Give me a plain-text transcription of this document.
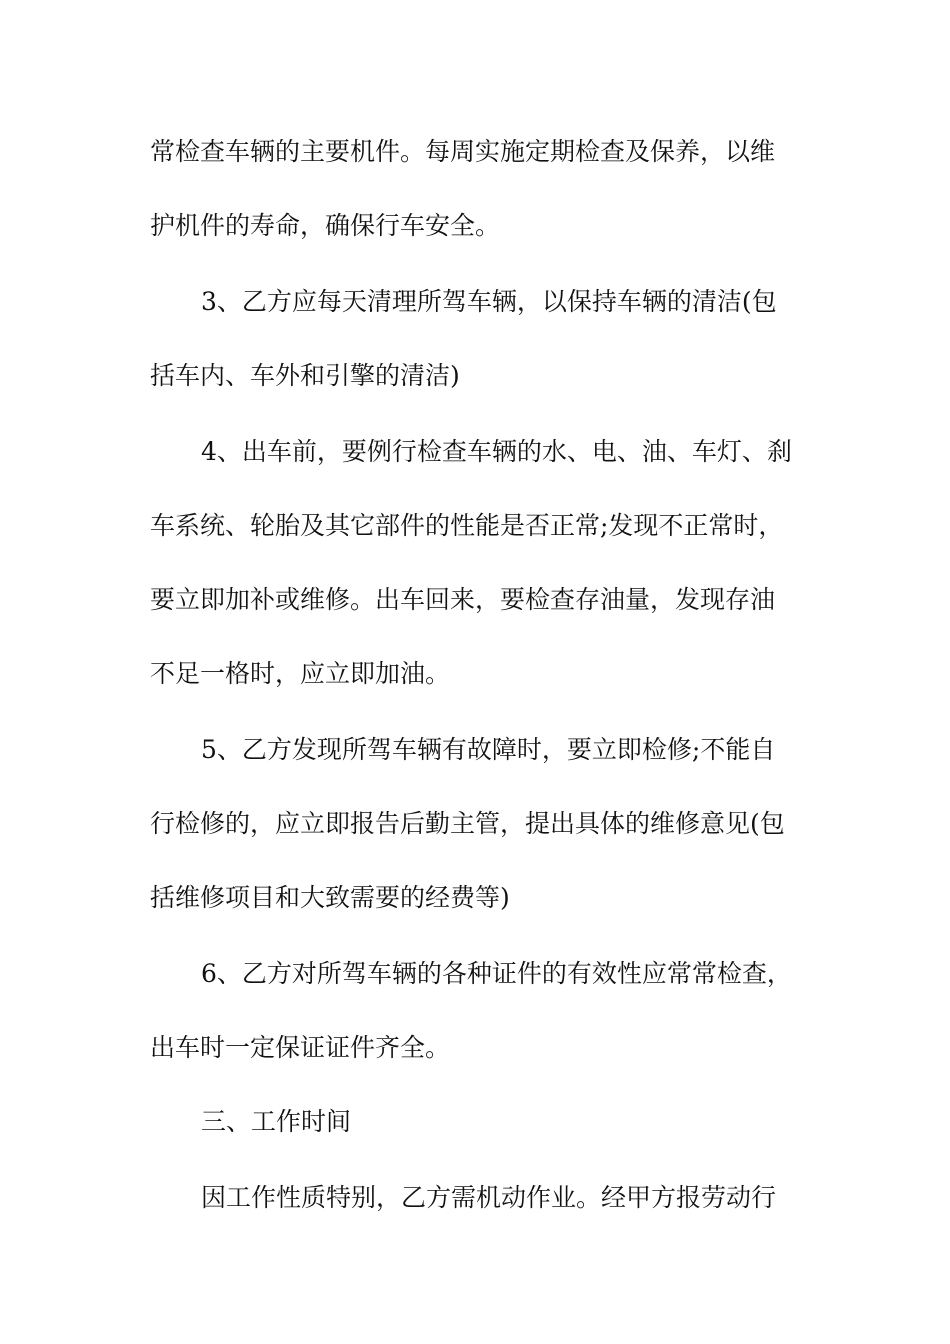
常检查车辆的主要机件。每周实施定期检查及保养，以维
护机件的寿命，确保行车安全。
3、乙方应每天清理所驾车辆，以保持车辆的清洁(包
括车内、车外和引擎的清洁)
4、出车前，要例行检查车辆的水、电、油、车灯、刹
车系统、轮胎及其它部件的性能是否正常;发现不正常时，
要立即加补或维修。出车回来，要检查存油量，发现存油
不足一格时，应立即加油。
5、乙方发现所驾车辆有故障时，要立即检修;不能自
行检修的，应立即报告后勤主管，提出具体的维修意见(包
括维修项目和大致需要的经费等)
6、乙方对所驾车辆的各种证件的有效性应常常检查，
出车时一定保证证件齐全。
三、工作时间
因工作性质特别，乙方需机动作业。经甲方报劳动行
